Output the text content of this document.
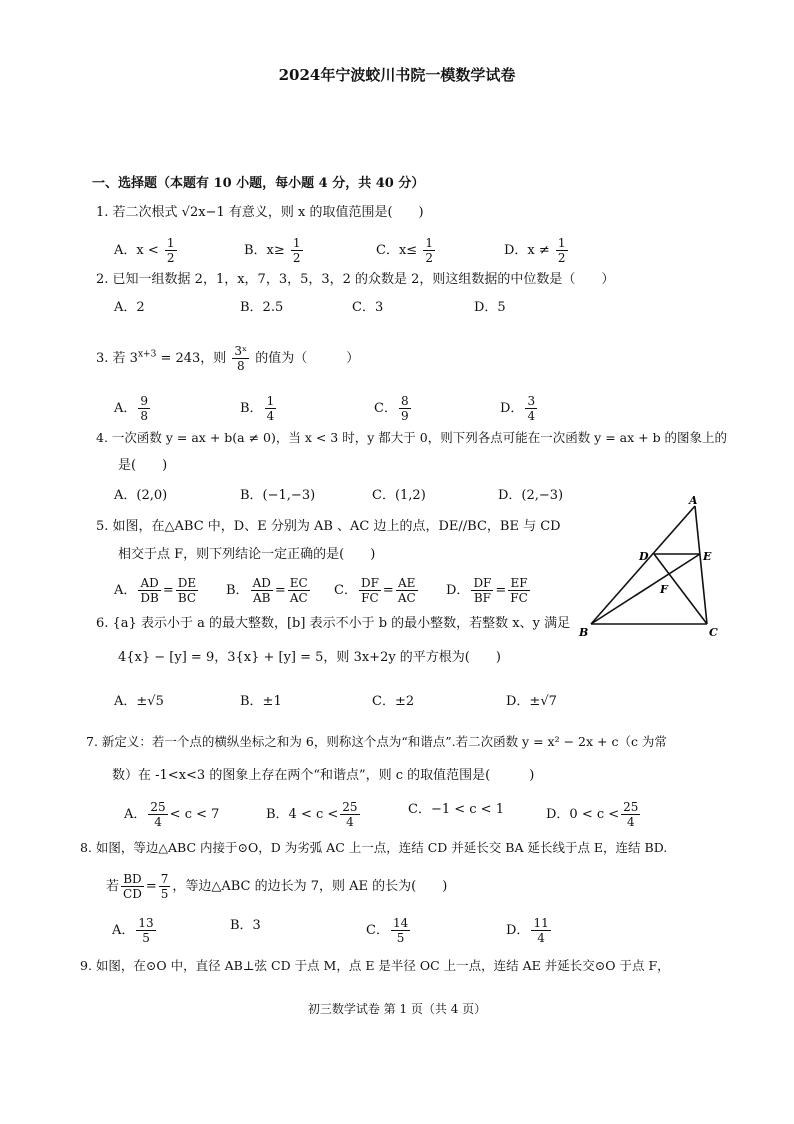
2024年宁波蛟川书院一模数学试卷
一、选择题（本题有 10 小题，每小题 4 分，共 40 分）
1. 若二次根式 √2x−1 有意义，则 x 的取值范围是(　　)
A．$x < \frac{1}{2}$	B．$x\ge \frac{1}{2}$	C．$x\le \frac{1}{2}$	D．$x \ne \frac{1}{2}$
2. 已知一组数据 2，1，x，7，3，5，3，2 的众数是 2，则这组数据的中位数是（　　）
A．2	B．2.5	C．3	D．5
3. 若 $3^{x+3} = 243$，则 $\frac{\text{3ˣ}}{8}$ 的值为（　　　）
A． $\frac{9}{8}$	B． $\frac{1}{4}$	C． $\frac{8}{9}$	D． $\frac{3}{4}$
4. 一次函数 y = ax + b(a ≠ 0)，当 x < 3 时，y 都大于 0，则下列各点可能在一次函数 y = ax + b 的图象上的
是(　　)
A．(2,0)	B．(−1,−3)	C．(1,2)	D．(2,−3)
5. 如图，在△ABC 中，D、E 分别为 AB 、AC 边上的点，DE//BC，BE 与 CD
相交于点 F，则下列结论一定正确的是(　　)
A． $\frac{AD}{DB} = \frac{DE}{BC}$ B． $\frac{AD}{AB} = \frac{EC}{AC}$ C． $\frac{DF}{FC} = \frac{AE}{AC}$ D． $\frac{DF}{BF} = \frac{EF}{FC}$
A
B	C
D	E
F
6. {a} 表示小于 a 的最大整数，[b] 表示不小于 b 的最小整数，若整数 x、y 满足
4{x} − [y] = 9，3{x} + [y] = 5，则 3x+2y 的平方根为(　　)
A．±√5	B．±1	C．±2	D．±√7
7. 新定义：若一个点的横纵坐标之和为 6，则称这个点为“和谐点”.若二次函数 y = x² − 2x + c（c 为常
数）在 -1<x<3 的图象上存在两个“和谐点”，则 c 的取值范围是(　　　)
A． $\frac{25}{4} < c < 7$	B．$4 < c < \frac{25}{4}$	C．−1 < c < 1	D．$0 < c < \frac{25}{4}$
8. 如图，等边△ABC 内接于⊙O，D 为劣弧 AC 上一点，连结 CD 并延长交 BA 延长线于点 E，连结 BD.
若 $\frac{BD}{CD} = \frac{7}{5}$ ，等边△ABC 的边长为 7，则 AE 的长为(　　)
A． $\frac{13}{5}$	B．3	C． $\frac{14}{5}$	D． $\frac{11}{4}$
9. 如图，在⊙O 中，直径 AB⊥弦 CD 于点 M，点 E 是半径 OC 上一点，连结 AE 并延长交⊙O 于点 F，
初三数学试卷 第 1 页（共 4 页）
